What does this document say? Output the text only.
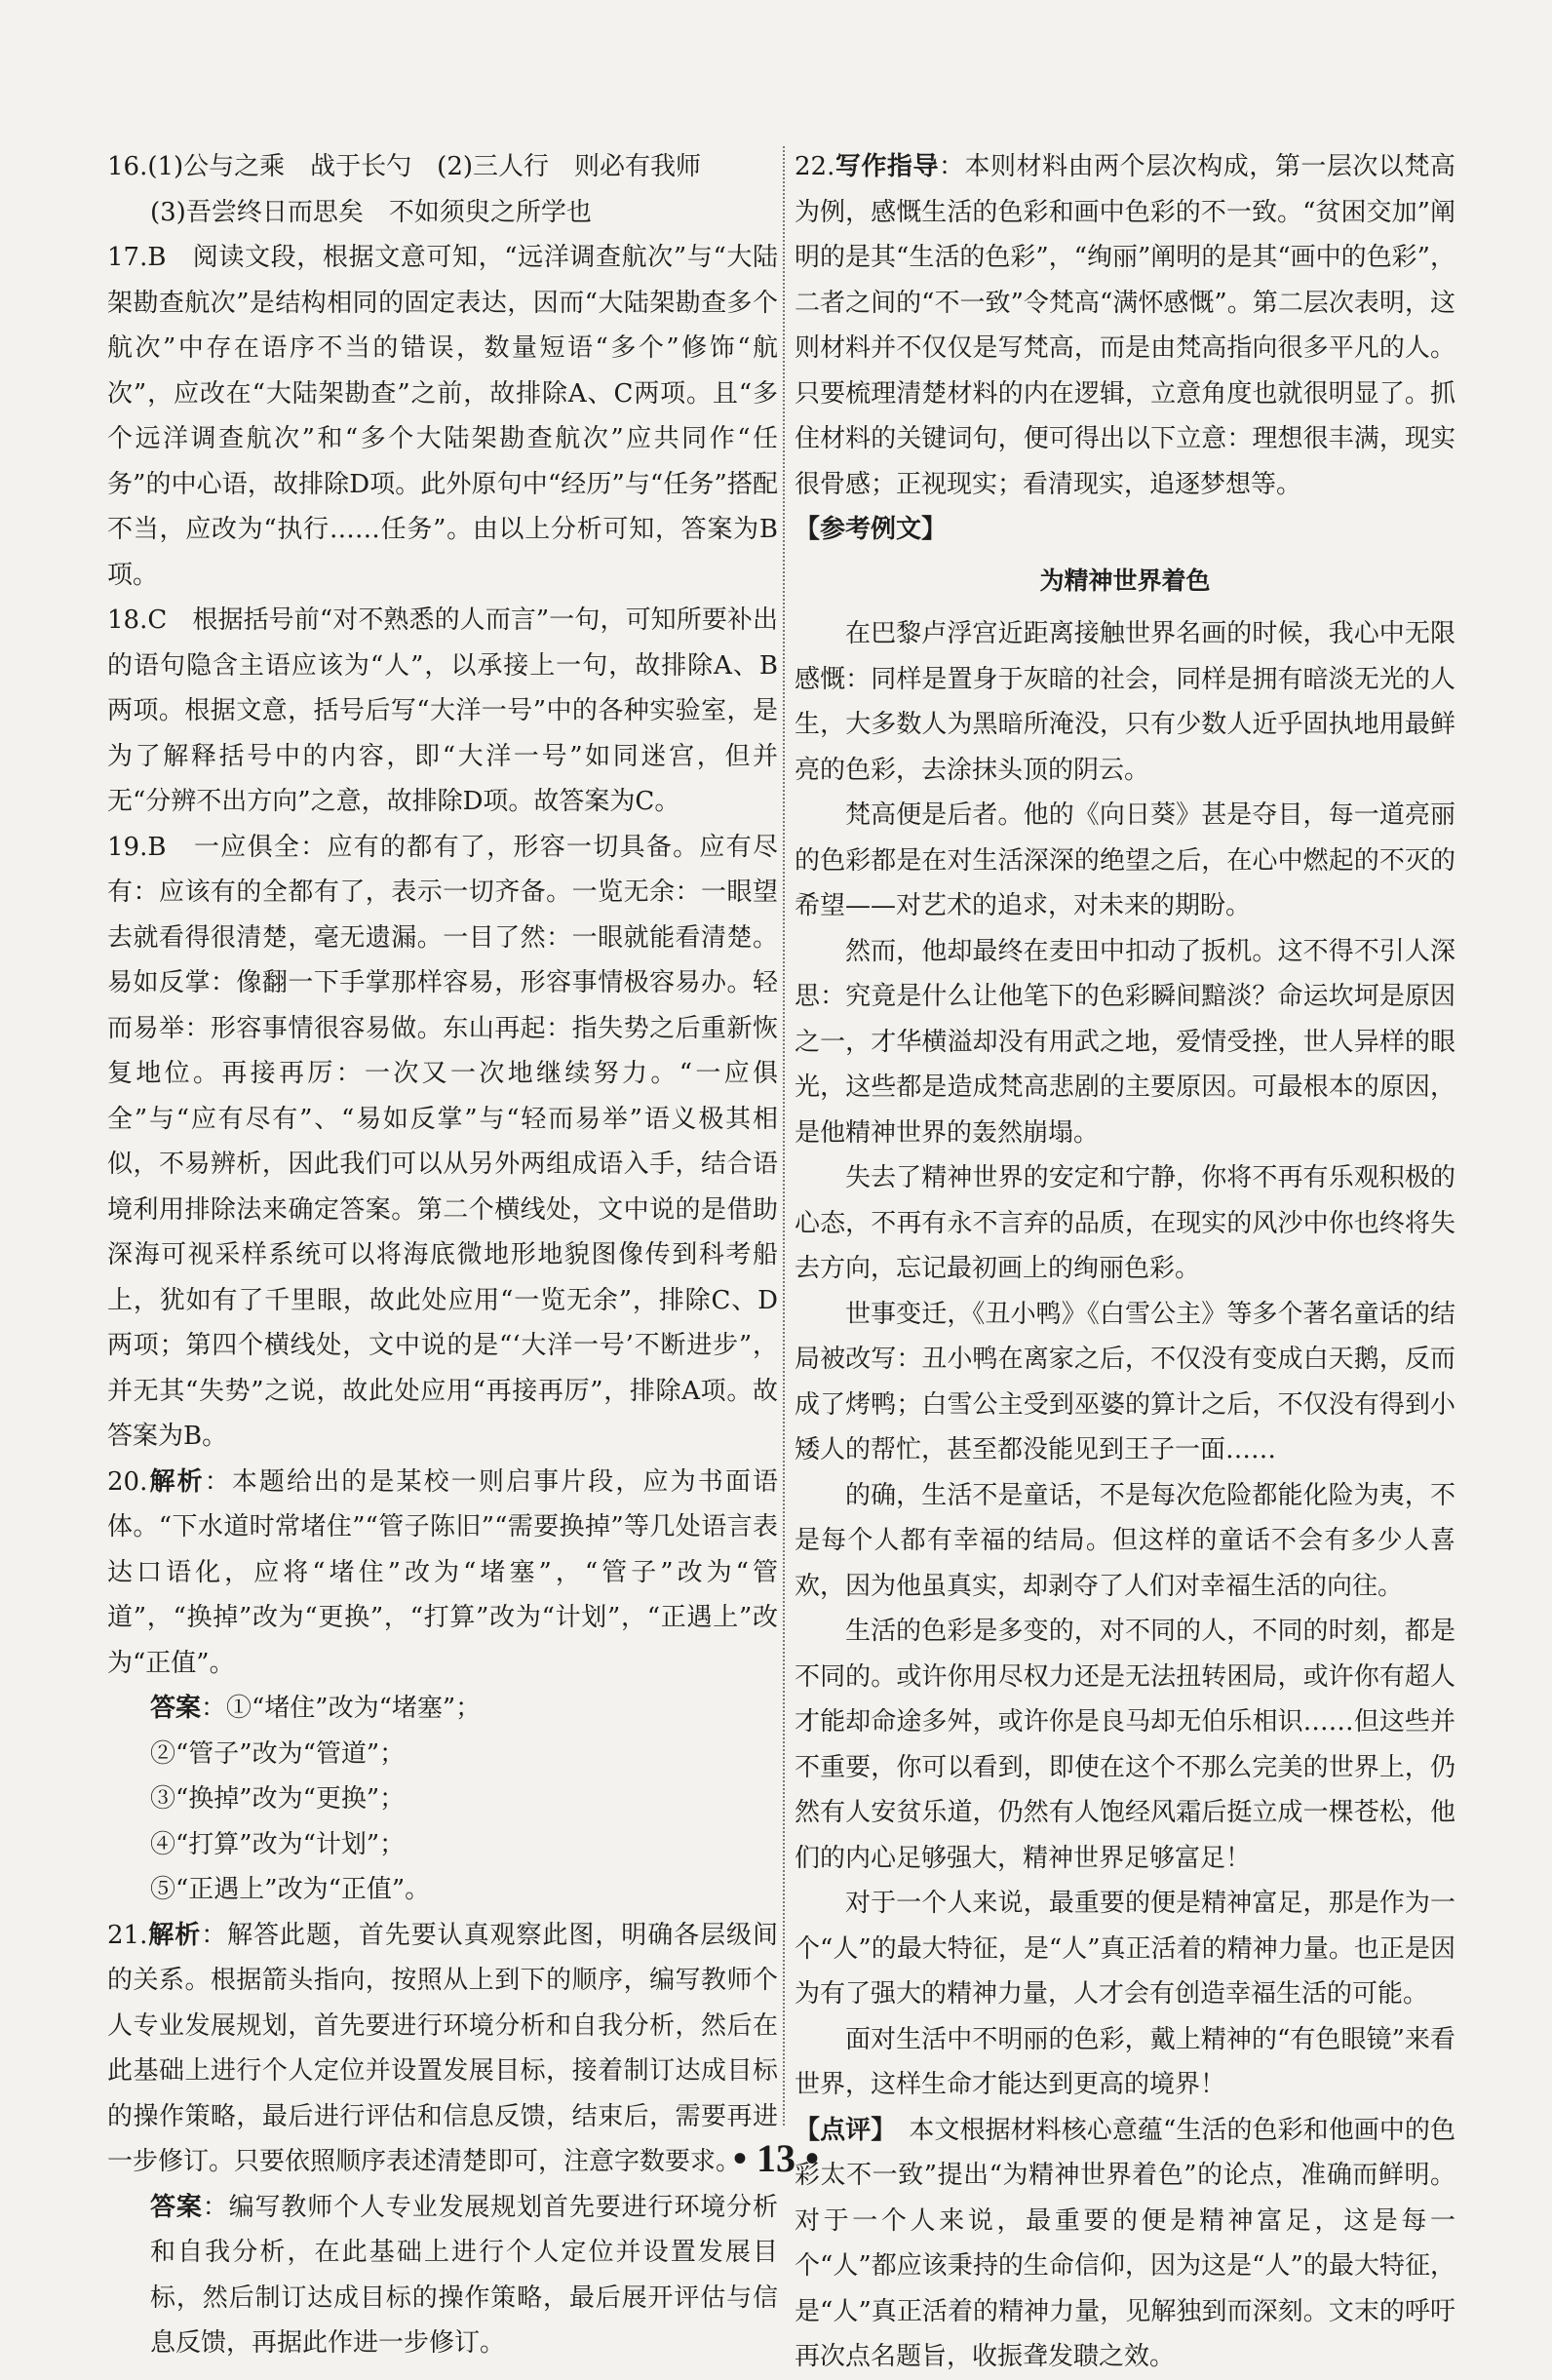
16.(1)公与之乘　战于长勺　(2)三人行　则必有我师

(3)吾尝终日而思矣　不如须臾之所学也

17.B　阅读文段，根据文意可知，“远洋调查航次”与“大陆架勘查航次”是结构相同的固定表达，因而“大陆架勘查多个航次”中存在语序不当的错误，数量短语“多个”修饰“航次”，应改在“大陆架勘查”之前，故排除A、C两项。且“多个远洋调查航次”和“多个大陆架勘查航次”应共同作“任务”的中心语，故排除D项。此外原句中“经历”与“任务”搭配不当，应改为“执行……任务”。由以上分析可知，答案为B项。

18.C　根据括号前“对不熟悉的人而言”一句，可知所要补出的语句隐含主语应该为“人”，以承接上一句，故排除A、B两项。根据文意，括号后写“大洋一号”中的各种实验室，是为了解释括号中的内容，即“大洋一号”如同迷宫，但并无“分辨不出方向”之意，故排除D项。故答案为C。

19.B　一应俱全：应有的都有了，形容一切具备。应有尽有：应该有的全都有了，表示一切齐备。一览无余：一眼望去就看得很清楚，毫无遗漏。一目了然：一眼就能看清楚。易如反掌：像翻一下手掌那样容易，形容事情极容易办。轻而易举：形容事情很容易做。东山再起：指失势之后重新恢复地位。再接再厉：一次又一次地继续努力。“一应俱全”与“应有尽有”、“易如反掌”与“轻而易举”语义极其相似，不易辨析，因此我们可以从另外两组成语入手，结合语境利用排除法来确定答案。第二个横线处，文中说的是借助深海可视采样系统可以将海底微地形地貌图像传到科考船上，犹如有了千里眼，故此处应用“一览无余”，排除C、D两项；第四个横线处，文中说的是“‘大洋一号’不断进步”，并无其“失势”之说，故此处应用“再接再厉”，排除A项。故答案为B。

20.解析：本题给出的是某校一则启事片段，应为书面语体。“下水道时常堵住”“管子陈旧”“需要换掉”等几处语言表达口语化，应将“堵住”改为“堵塞”，“管子”改为“管道”，“换掉”改为“更换”，“打算”改为“计划”，“正遇上”改为“正值”。

答案：①“堵住”改为“堵塞”；

②“管子”改为“管道”；

③“换掉”改为“更换”；

④“打算”改为“计划”；

⑤“正遇上”改为“正值”。

21.解析：解答此题，首先要认真观察此图，明确各层级间的关系。根据箭头指向，按照从上到下的顺序，编写教师个人专业发展规划，首先要进行环境分析和自我分析，然后在此基础上进行个人定位并设置发展目标，接着制订达成目标的操作策略，最后进行评估和信息反馈，结束后，需要再进一步修订。只要依照顺序表述清楚即可，注意字数要求。

答案：编写教师个人专业发展规划首先要进行环境分析和自我分析，在此基础上进行个人定位并设置发展目标，然后制订达成目标的操作策略，最后展开评估与信息反馈，再据此作进一步修订。

22.写作指导：本则材料由两个层次构成，第一层次以梵高为例，感慨生活的色彩和画中色彩的不一致。“贫困交加”阐明的是其“生活的色彩”，“绚丽”阐明的是其“画中的色彩”，二者之间的“不一致”令梵高“满怀感慨”。第二层次表明，这则材料并不仅仅是写梵高，而是由梵高指向很多平凡的人。只要梳理清楚材料的内在逻辑，立意角度也就很明显了。抓住材料的关键词句，便可得出以下立意：理想很丰满，现实很骨感；正视现实；看清现实，追逐梦想等。

【参考例文】

为精神世界着色

在巴黎卢浮宫近距离接触世界名画的时候，我心中无限感慨：同样是置身于灰暗的社会，同样是拥有暗淡无光的人生，大多数人为黑暗所淹没，只有少数人近乎固执地用最鲜亮的色彩，去涂抹头顶的阴云。

梵高便是后者。他的《向日葵》甚是夺目，每一道亮丽的色彩都是在对生活深深的绝望之后，在心中燃起的不灭的希望——对艺术的追求，对未来的期盼。

然而，他却最终在麦田中扣动了扳机。这不得不引人深思：究竟是什么让他笔下的色彩瞬间黯淡？命运坎坷是原因之一，才华横溢却没有用武之地，爱情受挫，世人异样的眼光，这些都是造成梵高悲剧的主要原因。可最根本的原因，是他精神世界的轰然崩塌。

失去了精神世界的安定和宁静，你将不再有乐观积极的心态，不再有永不言弃的品质，在现实的风沙中你也终将失去方向，忘记最初画上的绚丽色彩。

世事变迁，《丑小鸭》《白雪公主》等多个著名童话的结局被改写：丑小鸭在离家之后，不仅没有变成白天鹅，反而成了烤鸭；白雪公主受到巫婆的算计之后，不仅没有得到小矮人的帮忙，甚至都没能见到王子一面……

的确，生活不是童话，不是每次危险都能化险为夷，不是每个人都有幸福的结局。但这样的童话不会有多少人喜欢，因为他虽真实，却剥夺了人们对幸福生活的向往。

生活的色彩是多变的，对不同的人，不同的时刻，都是不同的。或许你用尽权力还是无法扭转困局，或许你有超人才能却命途多舛，或许你是良马却无伯乐相识……但这些并不重要，你可以看到，即使在这个不那么完美的世界上，仍然有人安贫乐道，仍然有人饱经风霜后挺立成一棵苍松，他们的内心足够强大，精神世界足够富足！

对于一个人来说，最重要的便是精神富足，那是作为一个“人”的最大特征，是“人”真正活着的精神力量。也正是因为有了强大的精神力量，人才会有创造幸福生活的可能。

面对生活中不明丽的色彩，戴上精神的“有色眼镜”来看世界，这样生命才能达到更高的境界！

【点评】　本文根据材料核心意蕴“生活的色彩和他画中的色彩太不一致”提出“为精神世界着色”的论点，准确而鲜明。对于一个人来说，最重要的便是精神富足，这是每一个“人”都应该秉持的生命信仰，因为这是“人”的最大特征，是“人”真正活着的精神力量，见解独到而深刻。文末的呼吁再次点名题旨，收振聋发聩之效。

• 13 •
